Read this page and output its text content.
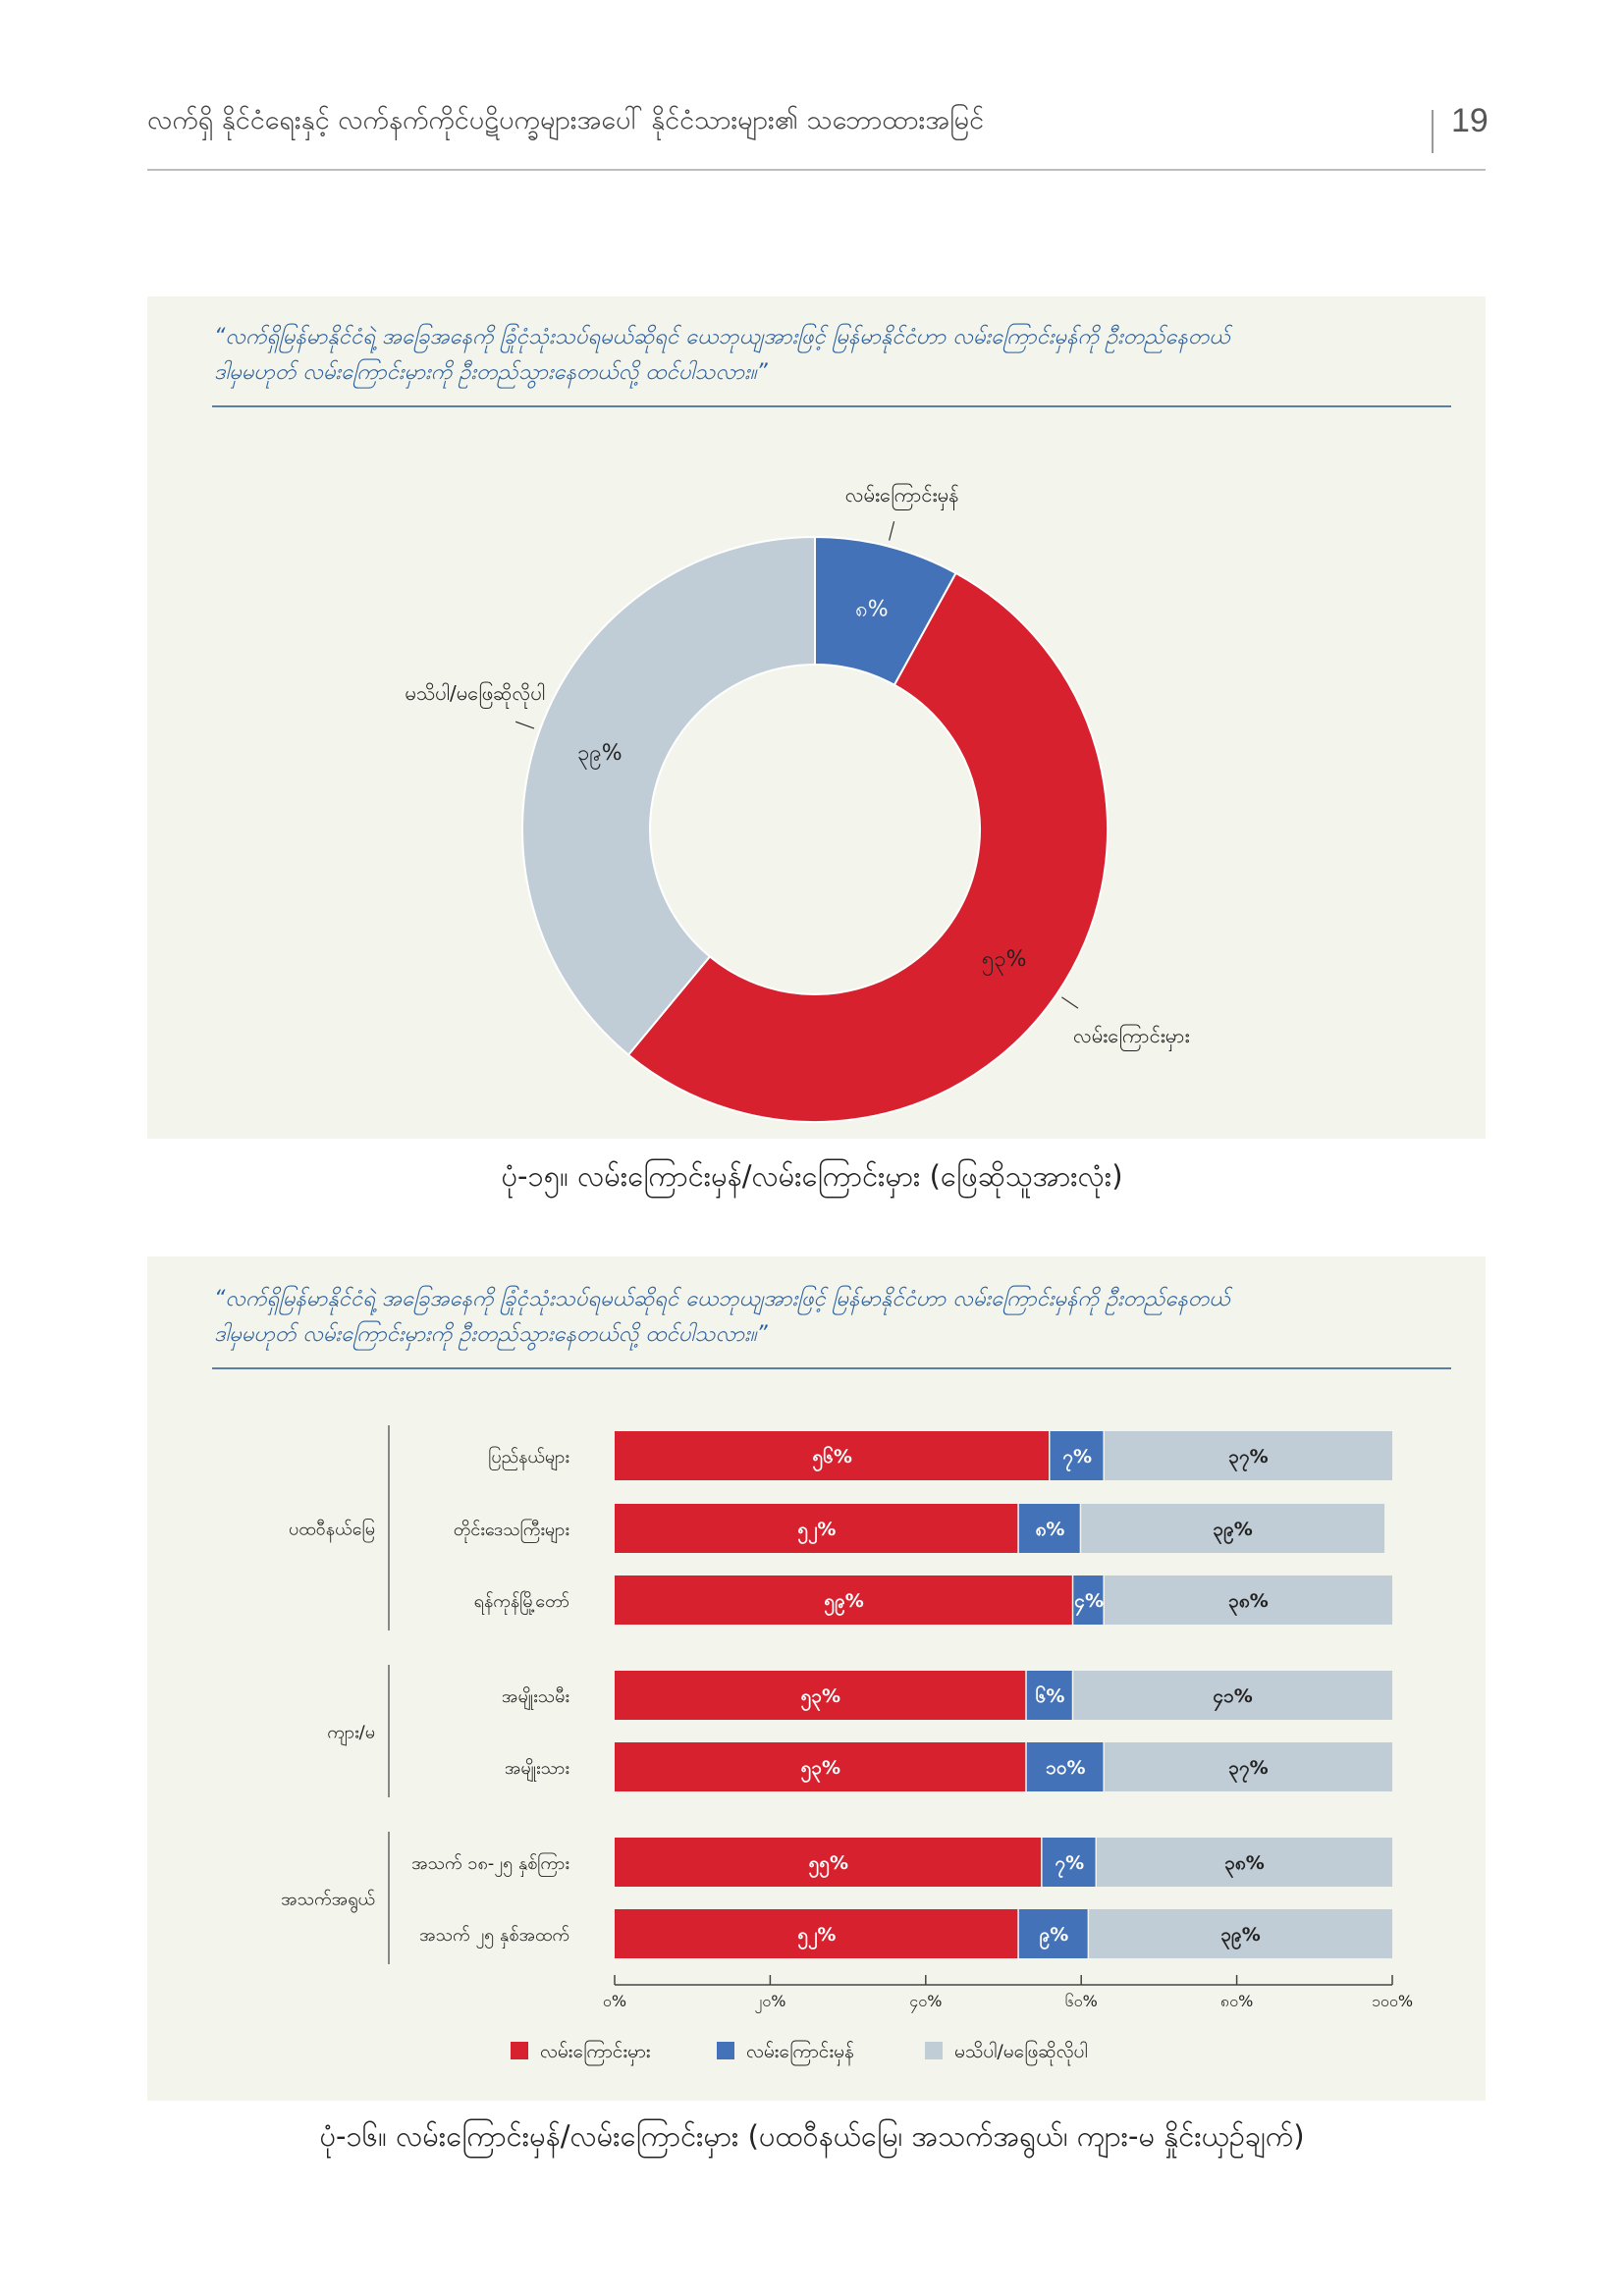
လက်ရှိ နိုင်ငံရေးနှင့် လက်နက်ကိုင်ပဋိပက္ခများအပေါ် နိုင်ငံသားများ၏ သဘောထားအမြင်	19

“လက်ရှိမြန်မာနိုင်ငံရဲ့ အခြေအနေကို ခြုံငုံသုံးသပ်ရမယ်ဆိုရင် ယေဘုယျအားဖြင့် မြန်မာနိုင်ငံဟာ လမ်းကြောင်းမှန်ကို ဦးတည်နေတယ်

ဒါမှမဟုတ် လမ်းကြောင်းမှားကို ဦးတည်သွားနေတယ်လို့ ထင်ပါသလား။”

၈%
၅၃%
၃၉%
လမ်းကြောင်းမှန်
လမ်းကြောင်းမှား
မသိပါ/မဖြေဆိုလိုပါ
ပုံ-၁၅။ လမ်းကြောင်းမှန်/လမ်းကြောင်းမှား (ဖြေဆိုသူအားလုံး)

“လက်ရှိမြန်မာနိုင်ငံရဲ့ အခြေအနေကို ခြုံငုံသုံးသပ်ရမယ်ဆိုရင် ယေဘုယျအားဖြင့် မြန်မာနိုင်ငံဟာ လမ်းကြောင်းမှန်ကို ဦးတည်နေတယ်

ဒါမှမဟုတ် လမ်းကြောင်းမှားကို ဦးတည်သွားနေတယ်လို့ ထင်ပါသလား။”

ပြည်နယ်များ	၅၆%	၇%	၃၇%
တိုင်းဒေသကြီးများ	၅၂%	၈%	၃၉%
ရန်ကုန်မြို့တော်	၅၉%	၄%	၃၈%
အမျိုးသမီး	၅၃%	၆%	၄၁%
အမျိုးသား	၅၃%	၁၀%	၃၇%
အသက် ၁၈-၂၅ နှစ်ကြား	၅၅%	၇%	၃၈%
အသက် ၂၅ နှစ်အထက်	၅၂%	၉%	၃၉%
ပထဝီနယ်မြေ
ကျား/မ
အသက်အရွယ်
၀%	၂၀%	၄၀%	၆၀%	၈၀%	၁၀၀%
လမ်းကြောင်းမှား	လမ်းကြောင်းမှန်	မသိပါ/မဖြေဆိုလိုပါ
ပုံ-၁၆။ လမ်းကြောင်းမှန်/လမ်းကြောင်းမှား (ပထဝီနယ်မြေ၊ အသက်အရွယ်၊ ကျား-မ နှိုင်းယှဉ်ချက်)
